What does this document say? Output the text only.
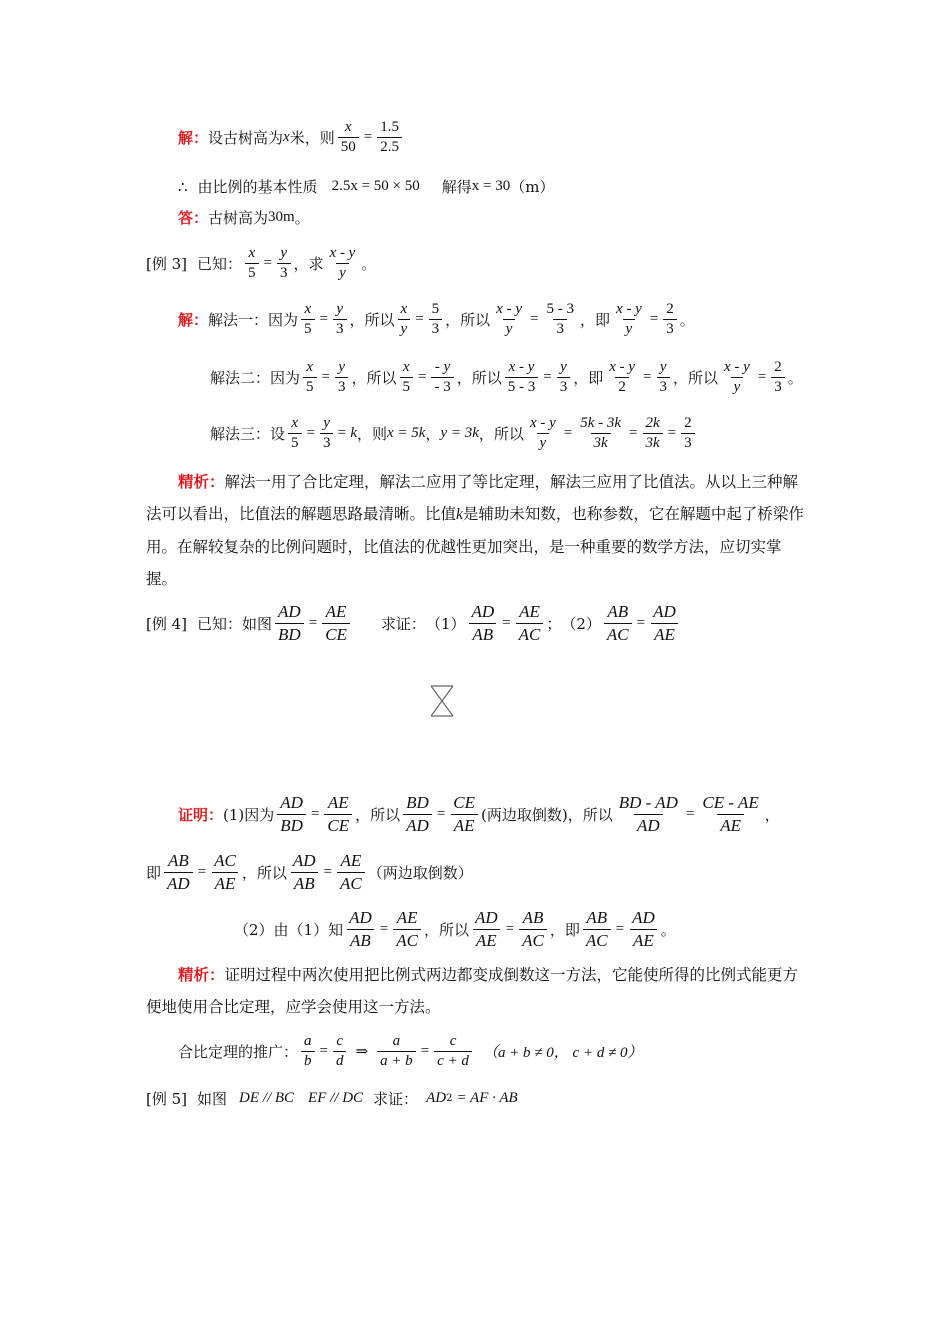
解： 设古树高为 x 米，则 $\frac{x}{50} = \frac{1.5}{2.5}$
∴ 由比例的基本性质 2.5x = 50 × 50 解得 x = 30 （m）
答： 古树高为 30m 。
[例 3] 已知： $\frac{x}{5} = \frac{y}{3}$ ，求 $\frac{x - y}{y}$ 。
解： 解法一：因为 $\frac{x}{5} = \frac{y}{3}$ ，所以 $\frac{x}{y} = \frac{5}{3}$ ，所以 $\frac{x - y}{y} = \frac{5 - 3}{3}$ ，即 $\frac{x - y}{y} = \frac{2}{3}$ 。
解法二：因为 $\frac{x}{5} = \frac{y}{3}$ ，所以 $\frac{x}{5} = \frac{- y}{- 3}$ ，所以 $\frac{x - y}{5 - 3} = \frac{y}{3}$ ，即 $\frac{x - y}{2} = \frac{y}{3}$ ，所以 $\frac{x - y}{y} = \frac{2}{3}$ 。
解法三：设 $\frac{x}{5} = \frac{y}{3} = k$ ，则 x = 5k ， y = 3k ，所以 $\frac{x - y}{y} = \frac{5k - 3k}{3k} = \frac{2k}{3k} = \frac{2}{3}$
精析：解法一用了合比定理，解法二应用了等比定理，解法三应用了比值法。从以上三种解法可以看出，比值法的解题思路最清晰。比值k是辅助未知数，也称参数，它在解题中起了桥梁作用。在解较复杂的比例问题时，比值法的优越性更加突出，是一种重要的数学方法，应切实掌握。
[例 4] 已知：如图 $\frac{AD}{BD} = \frac{AE}{CE}$ 求证： $(1) \frac{AD}{AB} = \frac{AE}{AC}$ ； $(2) \frac{AB}{AC} = \frac{AD}{AE}$
证明： (1)因为 $\frac{AD}{BD} = \frac{AE}{CE}$ ，所以 $\frac{BD}{AD} = \frac{CE}{AE}$ (两边取倒数)，所以 $\frac{BD - AD}{AD} = \frac{CE - AE}{AE}$ ，
即 $\frac{AB}{AD} = \frac{AC}{AE}$ ，所以 $\frac{AD}{AB} = \frac{AE}{AC}$ （两边取倒数）
（2）由（1）知 $\frac{AD}{AB} = \frac{AE}{AC}$ ，所以 $\frac{AD}{AE} = \frac{AB}{AC}$ ，即 $\frac{AB}{AC} = \frac{AD}{AE}$ 。
精析：证明过程中两次使用把比例式两边都变成倒数这一方法，它能使所得的比例式能更方便地使用合比定理，应学会使用这一方法。
合比定理的推广： $\frac{a}{b} = \frac{c}{d}$ ⇒ $\frac{a}{a + b} = \frac{c}{c + d} (a + b \ne 0$， c + d ≠ 0）
[例 5] 如图 DE // BC EF // DC 求证： AD 2 = AF · AB
